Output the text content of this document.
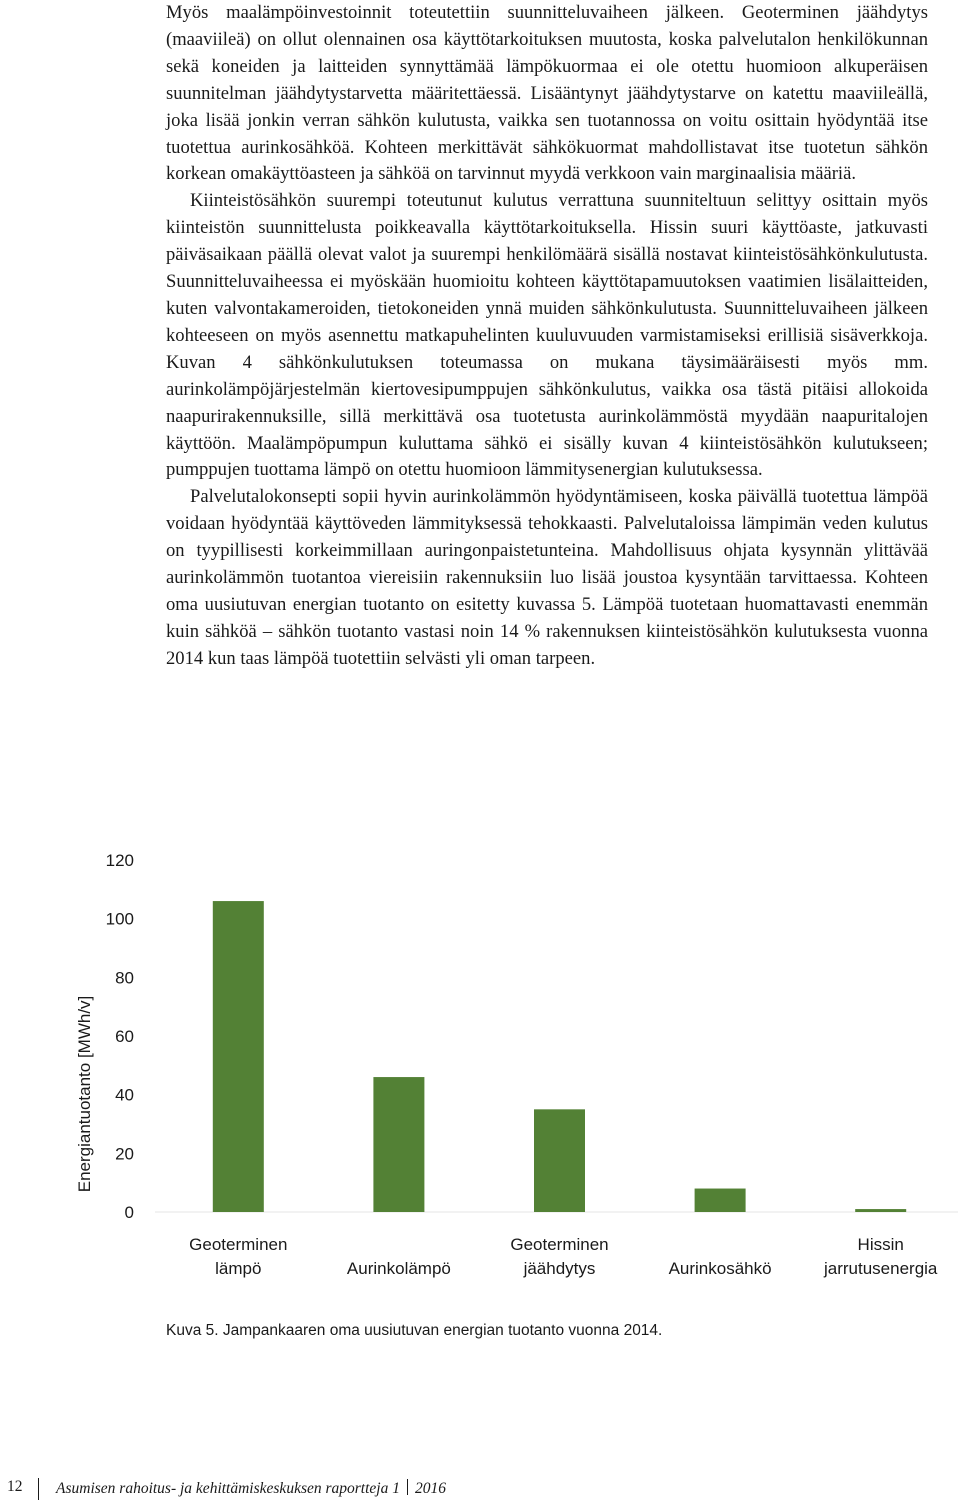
Myös maalämpöinvestoinnit toteutettiin suunnitteluvaiheen jälkeen. Geoterminen jäähdytys (maaviileä) on ollut olennainen osa käyttötarkoituksen muutosta, koska palvelutalon henkilökunnan sekä koneiden ja laitteiden synnyttämää lämpökuormaa ei ole otettu huomioon alkuperäisen suunnitelman jäähdytystarvetta määritettäessä. Lisääntynyt jäähdytystarve on katettu maaviileällä, joka lisää jonkin verran sähkön kulutusta, vaikka sen tuotannossa on voitu osittain hyödyntää itse tuotettua aurinkosähköä. Kohteen merkittävät sähkökuormat mahdollistavat itse tuotetun sähkön korkean omakäyttöasteen ja sähköä on tarvinnut myydä verkkoon vain marginaalisia määriä.

Kiinteistösähkön suurempi toteutunut kulutus verrattuna suunniteltuun selittyy osittain myös kiinteistön suunnittelusta poikkeavalla käyttötarkoituksella. Hissin suuri käyttöaste, jatkuvasti päiväsaikaan päällä olevat valot ja suurempi henkilömäärä sisällä nostavat kiinteistösähkönkulutusta. Suunnitteluvaiheessa ei myöskään huomioitu kohteen käyttötapamuutoksen vaatimien lisälaitteiden, kuten valvontakameroiden, tietokoneiden ynnä muiden sähkönkulutusta. Suunnitteluvaiheen jälkeen kohteeseen on myös asennettu matkapuhelinten kuuluvuuden varmistamiseksi erillisiä sisäverkkoja. Kuvan 4 sähkönkulutuksen toteumassa on mukana täysimääräisesti myös mm. aurinkolämpöjärjestelmän kiertovesipumppujen sähkönkulutus, vaikka osa tästä pitäisi allokoida naapurirakennuksille, sillä merkittävä osa tuotetusta aurinkolämmöstä myydään naapuritalojen käyttöön. Maalämpöpumpun kuluttama sähkö ei sisälly kuvan 4 kiinteistösähkön kulutukseen; pumppujen tuottama lämpö on otettu huomioon lämmitysenergian kulutuksessa.

Palvelutalokonsepti sopii hyvin aurinkolämmön hyödyntämiseen, koska päivällä tuotettua lämpöä voidaan hyödyntää käyttöveden lämmityksessä tehokkaasti. Palvelutaloissa lämpimän veden kulutus on tyypillisesti korkeimmillaan auringonpaistetunteina. Mahdollisuus ohjata kysynnän ylittävää aurinkolämmön tuotantoa viereisiin rakennuksiin luo lisää joustoa kysyntään tarvittaessa. Kohteen oma uusiutuvan energian tuotanto on esitetty kuvassa 5. Lämpöä tuotetaan huomattavasti enemmän kuin sähköä – sähkön tuotanto vastasi noin 14 % rakennuksen kiinteistösähkön kulutuksesta vuonna 2014 kun taas lämpöä tuotettiin selvästi yli oman tarpeen.

0
20
40
60
80
100
120
Energiantuotanto [MWh/v]
Geoterminen
lämpö	Aurinkolämpö
Geoterminen
jäähdytys	Aurinkosähkö
Hissin
jarrutusenergia
Kuva 5. Jampankaaren oma uusiutuvan energian tuotanto vuonna 2014.
12 Asumisen rahoitus- ja kehittämiskeskuksen raportteja 1 2016
